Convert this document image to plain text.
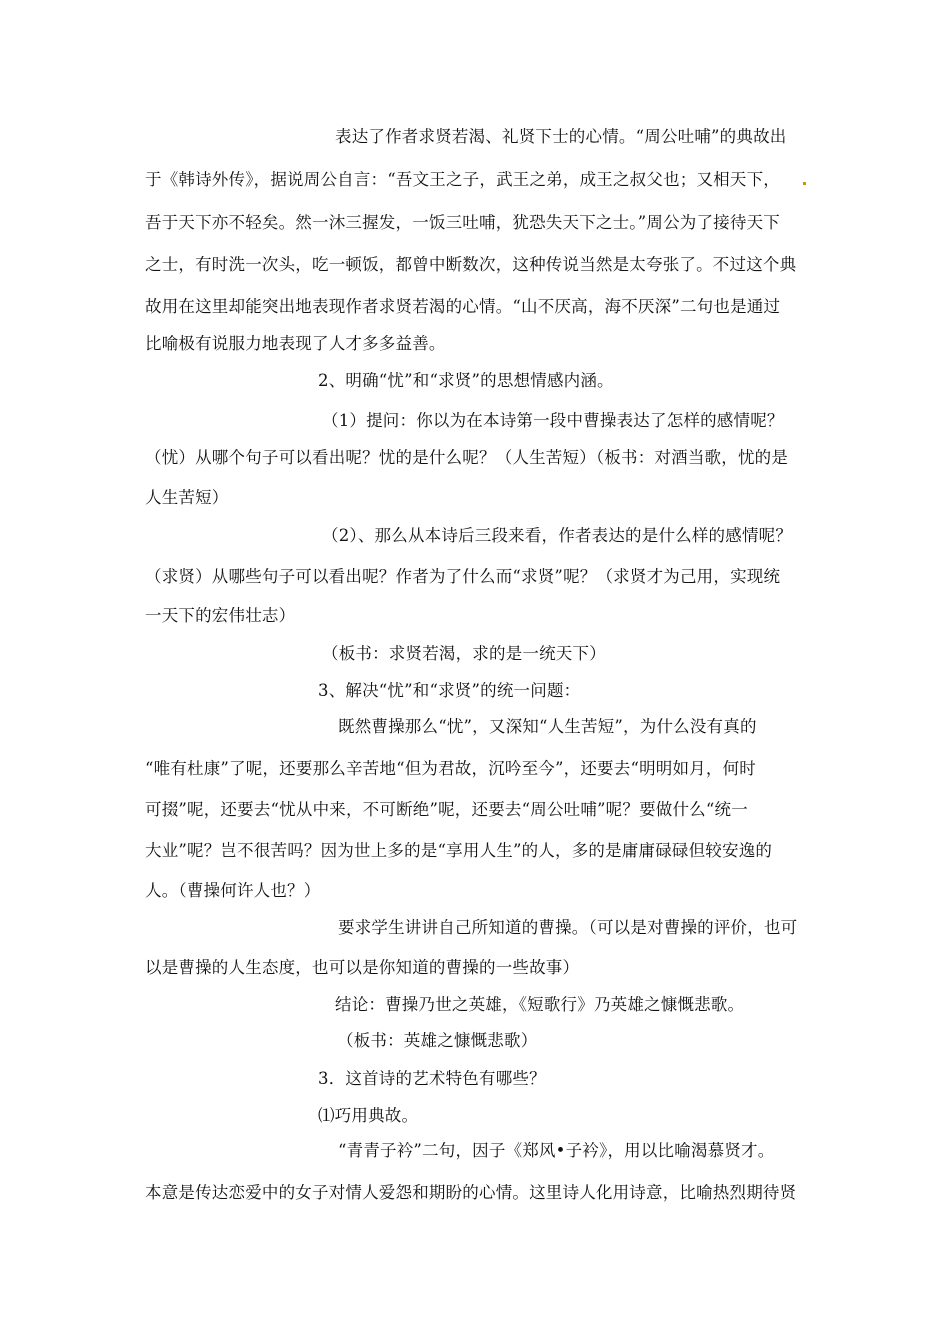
表达了作者求贤若渴、礼贤下士的心情。“周公吐哺”的典故出
于《韩诗外传》，据说周公自言：“吾文王之子，武王之弟，成王之叔父也；又相天下，
吾于天下亦不轻矣。然一沐三握发，一饭三吐哺，犹恐失天下之士。”周公为了接待天下
之士，有时洗一次头，吃一顿饭，都曾中断数次，这种传说当然是太夸张了。不过这个典
故用在这里却能突出地表现作者求贤若渴的心情。“山不厌高，海不厌深”二句也是通过
比喻极有说服力地表现了人才多多益善。
2、明确“忧”和“求贤”的思想情感内涵。
（1）提问：你以为在本诗第一段中曹操表达了怎样的感情呢？
（忧）从哪个句子可以看出呢？忧的是什么呢？（人生苦短）（板书：对酒当歌，忧的是
人生苦短）
（2）、那么从本诗后三段来看，作者表达的是什么样的感情呢？
（求贤）从哪些句子可以看出呢？作者为了什么而“求贤”呢？（求贤才为己用，实现统
一天下的宏伟壮志）
（板书：求贤若渴，求的是一统天下）
3、解决“忧”和“求贤”的统一问题：
既然曹操那么“忧”，又深知“人生苦短”，为什么没有真的
“唯有杜康”了呢，还要那么辛苦地“但为君故，沉吟至今”，还要去“明明如月，何时
可掇”呢，还要去“忧从中来，不可断绝”呢，还要去“周公吐哺”呢？要做什么“统一
大业”呢？岂不很苦吗？因为世上多的是“享用人生”的人，多的是庸庸碌碌但较安逸的
人。（曹操何许人也？）
要求学生讲讲自己所知道的曹操。（可以是对曹操的评价，也可
以是曹操的人生态度，也可以是你知道的曹操的一些故事）
结论：曹操乃世之英雄，《短歌行》乃英雄之慷慨悲歌。
（板书：英雄之慷慨悲歌）
3．这首诗的艺术特色有哪些？
⑴巧用典故。
“青青子衿”二句，因子《郑风•子衿》，用以比喻渴慕贤才。
本意是传达恋爱中的女子对情人爱怨和期盼的心情。这里诗人化用诗意，比喻热烈期待贤
